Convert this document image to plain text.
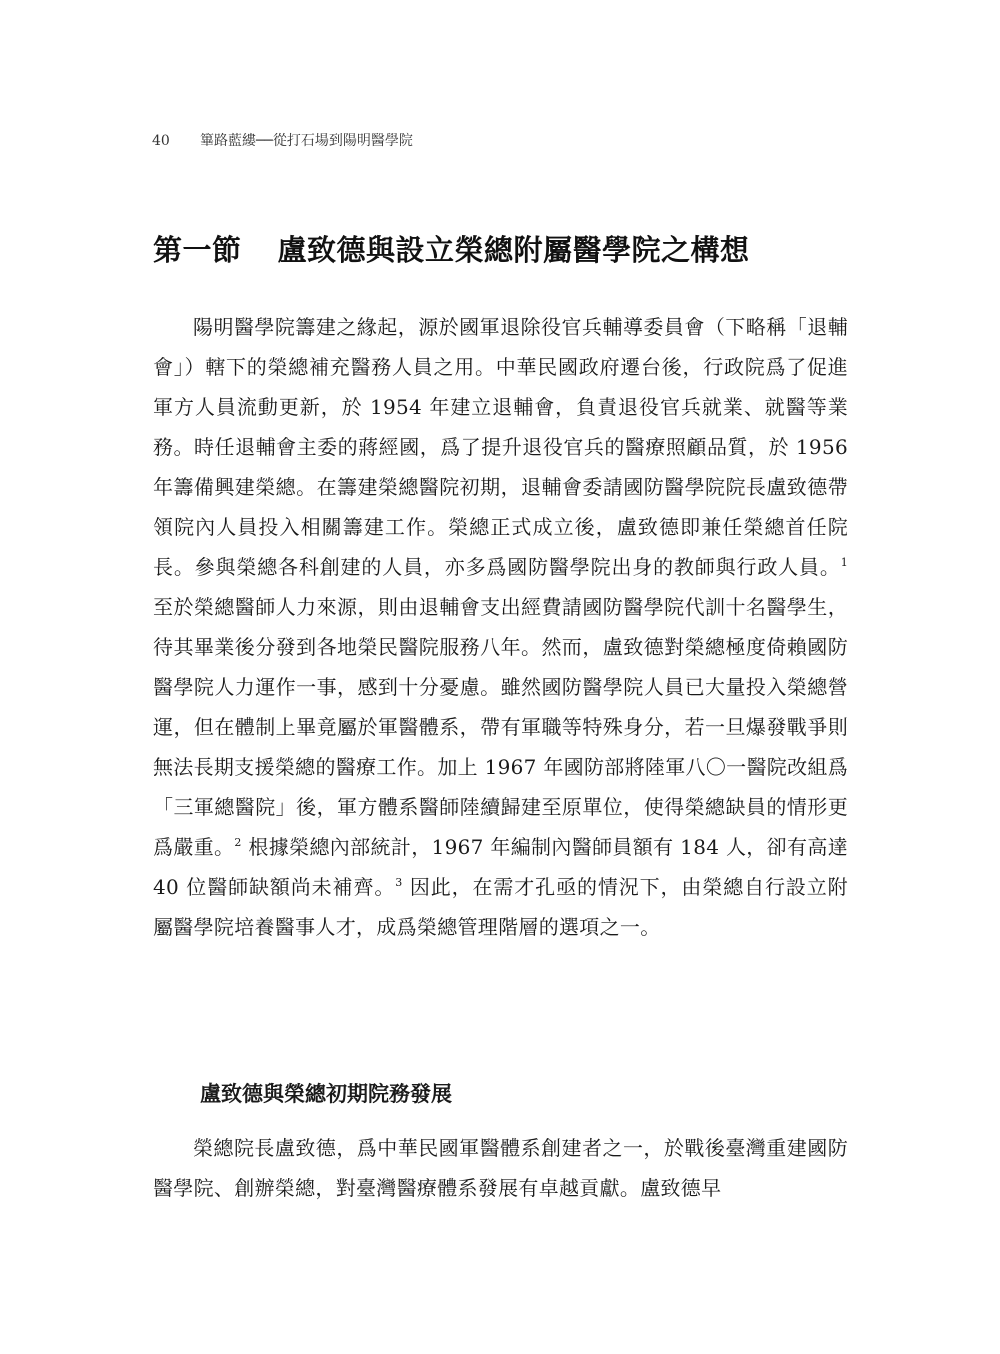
40 篳路藍縷──從打石場到陽明醫學院
第一節 盧致德與設立榮總附屬醫學院之構想

陽明醫學院籌建之緣起，源於國軍退除役官兵輔導委員會（下略稱「退輔會」）轄下的榮總補充醫務人員之用。中華民國政府遷台後，行政院爲了促進軍方人員流動更新，於 1954 年建立退輔會，負責退役官兵就業、就醫等業務。時任退輔會主委的蔣經國，爲了提升退役官兵的醫療照顧品質，於 1956 年籌備興建榮總。在籌建榮總醫院初期，退輔會委請國防醫學院院長盧致德帶領院內人員投入相關籌建工作。榮總正式成立後，盧致德即兼任榮總首任院長。參與榮總各科創建的人員，亦多爲國防醫學院出身的教師與行政人員。$^1$ 至於榮總醫師人力來源，則由退輔會支出經費請國防醫學院代訓十名醫學生，待其畢業後分發到各地榮民醫院服務八年。然而，盧致德對榮總極度倚賴國防醫學院人力運作一事，感到十分憂慮。雖然國防醫學院人員已大量投入榮總營運，但在體制上畢竟屬於軍醫體系，帶有軍職等特殊身分，若一旦爆發戰爭則無法長期支援榮總的醫療工作。加上 1967 年國防部將陸軍八〇一醫院改組爲「三軍總醫院」後，軍方體系醫師陸續歸建至原單位，使得榮總缺員的情形更爲嚴重。$^2$ 根據榮總內部統計，1967 年編制內醫師員額有 184 人，卻有高達 40 位醫師缺額尚未補齊。$^3$ 因此，在需才孔亟的情況下，由榮總自行設立附屬醫學院培養醫事人才，成爲榮總管理階層的選項之一。

盧致德與榮總初期院務發展

榮總院長盧致德，爲中華民國軍醫體系創建者之一，於戰後臺灣重建國防醫學院、創辦榮總，對臺灣醫療體系發展有卓越貢獻。盧致德早
